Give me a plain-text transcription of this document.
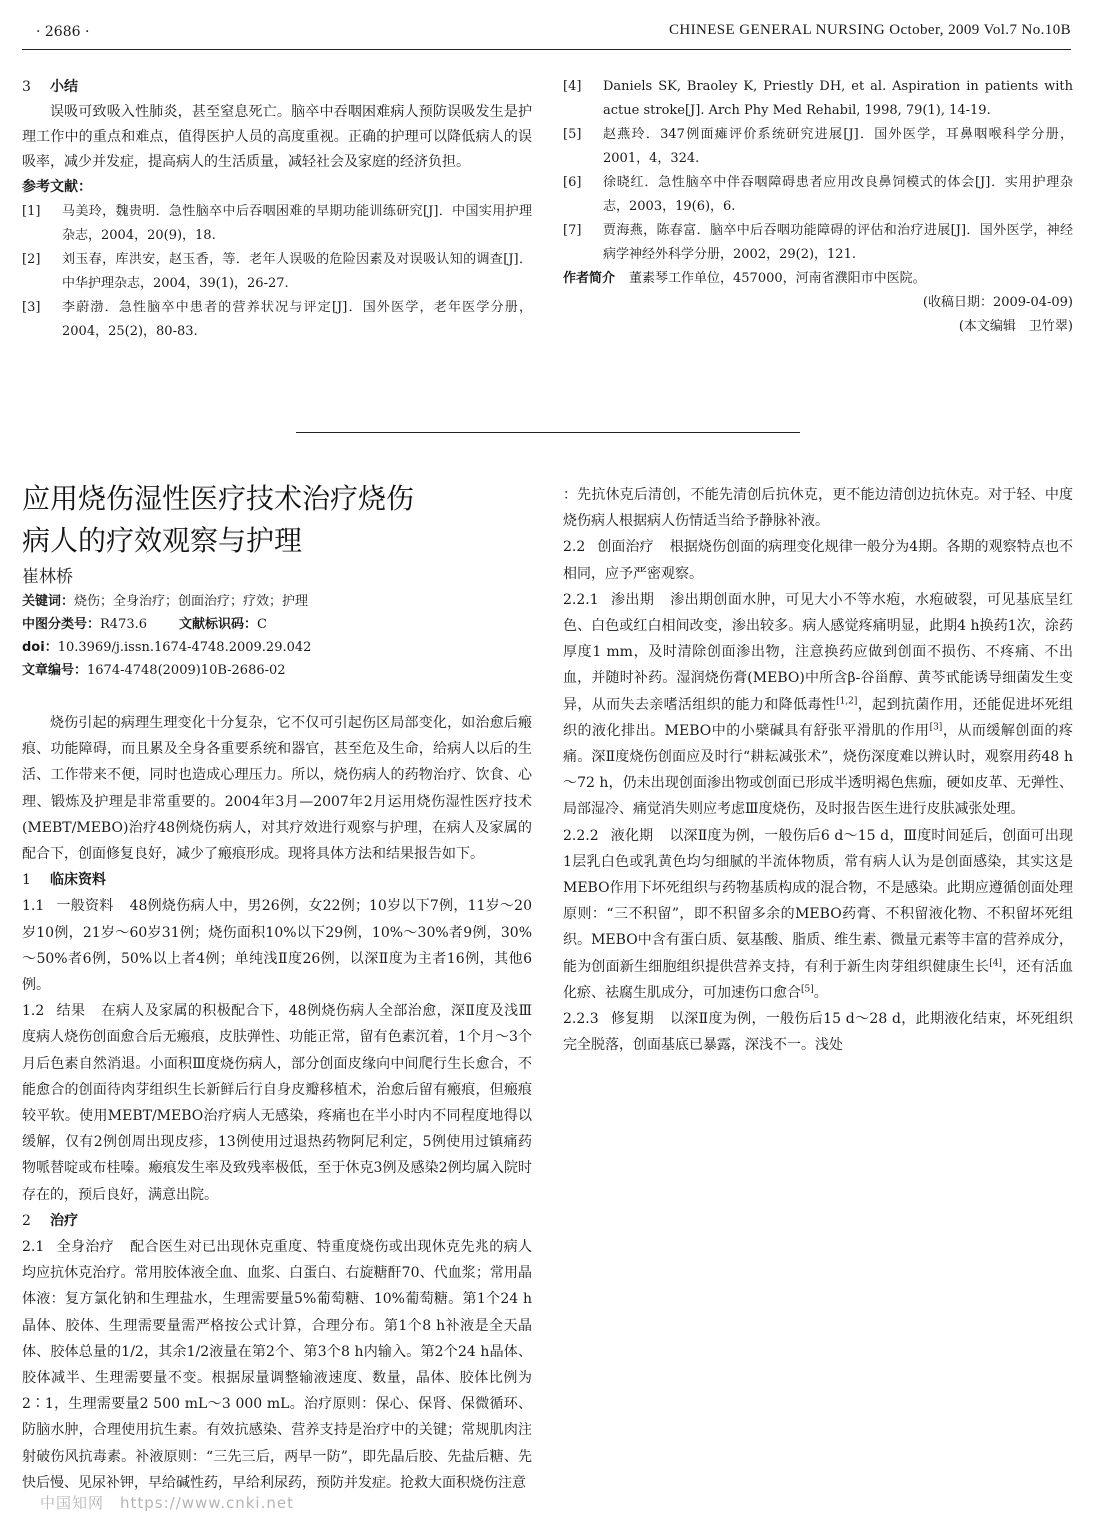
· 2686 ·	CHINESE GENERAL NURSING October, 2009 Vol.7 No.10B

3 小结

误吸可致吸入性肺炎，甚至窒息死亡。脑卒中吞咽困难病人预防误吸发生是护理工作中的重点和难点，值得医护人员的高度重视。正确的护理可以降低病人的误吸率，减少并发症，提高病人的生活质量，减轻社会及家庭的经济负担。

参考文献：

[1]	马美玲，魏贵明．急性脑卒中后吞咽困难的早期功能训练研究[J]．中国实用护理杂志，2004，20(9)，18.
[2]	刘玉春，库洪安，赵玉香，等．老年人误吸的危险因素及对误吸认知的调查[J]．中华护理杂志，2004，39(1)，26-27.
[3]	李蔚渤．急性脑卒中患者的营养状况与评定[J]．国外医学，老年医学分册，2004，25(2)，80-83.
[4]	Daniels SK, Braoley K, Priestly DH, et al. Aspiration in patients with actue stroke[J]. Arch Phy Med Rehabil, 1998, 79(1), 14-19.
[5]	赵燕玲．347例面瘫评价系统研究进展[J]．国外医学，耳鼻咽喉科学分册，2001，4，324.
[6]	徐晓红．急性脑卒中伴吞咽障碍患者应用改良鼻饲模式的体会[J]．实用护理杂志，2003，19(6)，6.
[7]	贾海燕，陈春富．脑卒中后吞咽功能障碍的评估和治疗进展[J]．国外医学，神经病学神经外科学分册，2002，29(2)，121.
作者简介 董素琴工作单位，457000，河南省濮阳市中医院。
(收稿日期：2009-04-09)
(本文编辑　卫竹翠)
应用烧伤湿性医疗技术治疗烧伤
病人的疗效观察与护理
崔林桥
关键词：烧伤；全身治疗；创面治疗；疗效；护理
中图分类号：R473.6 文献标识码：C
doi：10.3969/j.issn.1674-4748.2009.29.042
文章编号：1674-4748(2009)10B-2686-02

烧伤引起的病理生理变化十分复杂，它不仅可引起伤区局部变化，如治愈后瘢痕、功能障碍，而且累及全身各重要系统和器官，甚至危及生命，给病人以后的生活、工作带来不便，同时也造成心理压力。所以，烧伤病人的药物治疗、饮食、心理、锻炼及护理是非常重要的。2004年3月—2007年2月运用烧伤湿性医疗技术(MEBT/MEBO)治疗48例烧伤病人，对其疗效进行观察与护理，在病人及家属的配合下，创面修复良好，减少了瘢痕形成。现将具体方法和结果报告如下。

1 临床资料

1.1 一般资料 48例烧伤病人中，男26例，女22例；10岁以下7例，11岁～20岁10例，21岁～60岁31例；烧伤面积10%以下29例，10%～30%者9例，30%～50%者6例，50%以上者4例；单纯浅Ⅱ度26例，以深Ⅱ度为主者16例，其他6例。

1.2 结果 在病人及家属的积极配合下，48例烧伤病人全部治愈，深Ⅱ度及浅Ⅲ度病人烧伤创面愈合后无瘢痕，皮肤弹性、功能正常，留有色素沉着，1个月～3个月后色素自然消退。小面积Ⅲ度烧伤病人，部分创面皮缘向中间爬行生长愈合，不能愈合的创面待肉芽组织生长新鲜后行自身皮瓣移植术，治愈后留有瘢痕，但瘢痕较平软。使用MEBT/MEBO治疗病人无感染，疼痛也在半小时内不同程度地得以缓解，仅有2例创周出现皮疹，13例使用过退热药物阿尼利定，5例使用过镇痛药物哌替啶或布桂嗪。瘢痕发生率及致残率极低，至于休克3例及感染2例均属入院时存在的，预后良好，满意出院。

2 治疗

2.1 全身治疗 配合医生对已出现休克重度、特重度烧伤或出现休克先兆的病人均应抗休克治疗。常用胶体液全血、血浆、白蛋白、右旋糖酐70、代血浆；常用晶体液：复方氯化钠和生理盐水，生理需要量5%葡萄糖、10%葡萄糖。第1个24 h晶体、胶体、生理需要量需严格按公式计算，合理分布。第1个8 h补液是全天晶体、胶体总量的1/2，其余1/2液量在第2个、第3个8 h内输入。第2个24 h晶体、胶体减半、生理需要量不变。根据尿量调整输液速度、数量，晶体、胶体比例为2∶1，生理需要量2 500 mL～3 000 mL。治疗原则：保心、保肾、保微循环、防脑水肿，合理使用抗生素。有效抗感染、营养支持是治疗中的关键；常规肌肉注射破伤风抗毒素。补液原则：“三先三后，两早一防”，即先晶后胶、先盐后糖、先快后慢、见尿补钾，早给碱性药，早给利尿药，预防并发症。抢救大面积烧伤注意

：先抗休克后清创，不能先清创后抗休克，更不能边清创边抗休克。对于轻、中度烧伤病人根据病人伤情适当给予静脉补液。

2.2 创面治疗 根据烧伤创面的病理变化规律一般分为4期。各期的观察特点也不相同，应予严密观察。

2.2.1 渗出期 渗出期创面水肿，可见大小不等水疱，水疱破裂，可见基底呈红色、白色或红白相间改变，渗出较多。病人感觉疼痛明显，此期4 h换药1次，涂药厚度1 mm，及时清除创面渗出物，注意换药应做到创面不损伤、不疼痛、不出血，并随时补药。湿润烧伤膏(MEBO)中所含β-谷甾醇、黄芩甙能诱导细菌发生变异，从而失去亲嗜活组织的能力和降低毒性[1,2]，起到抗菌作用，还能促进坏死组织的液化排出。MEBO中的小檗碱具有舒张平滑肌的作用[3]，从而缓解创面的疼痛。深Ⅱ度烧伤创面应及时行“耕耘减张术”，烧伤深度难以辨认时，观察用药48 h～72 h，仍未出现创面渗出物或创面已形成半透明褐色焦痂，硬如皮革、无弹性、局部湿冷、痛觉消失则应考虑Ⅲ度烧伤，及时报告医生进行皮肤减张处理。

2.2.2 液化期 以深Ⅱ度为例，一般伤后6 d～15 d，Ⅲ度时间延后，创面可出现1层乳白色或乳黄色均匀细腻的半流体物质，常有病人认为是创面感染，其实这是MEBO作用下坏死组织与药物基质构成的混合物，不是感染。此期应遵循创面处理原则：“三不积留”，即不积留多余的MEBO药膏、不积留液化物、不积留坏死组织。MEBO中含有蛋白质、氨基酸、脂质、维生素、微量元素等丰富的营养成分，能为创面新生细胞组织提供营养支持，有利于新生肉芽组织健康生长[4]，还有活血化瘀、祛腐生肌成分，可加速伤口愈合[5]。

2.2.3 修复期 以深Ⅱ度为例，一般伤后15 d～28 d，此期液化结束，坏死组织完全脱落，创面基底已暴露，深浅不一。浅处

中国知网　https://www.cnki.net
